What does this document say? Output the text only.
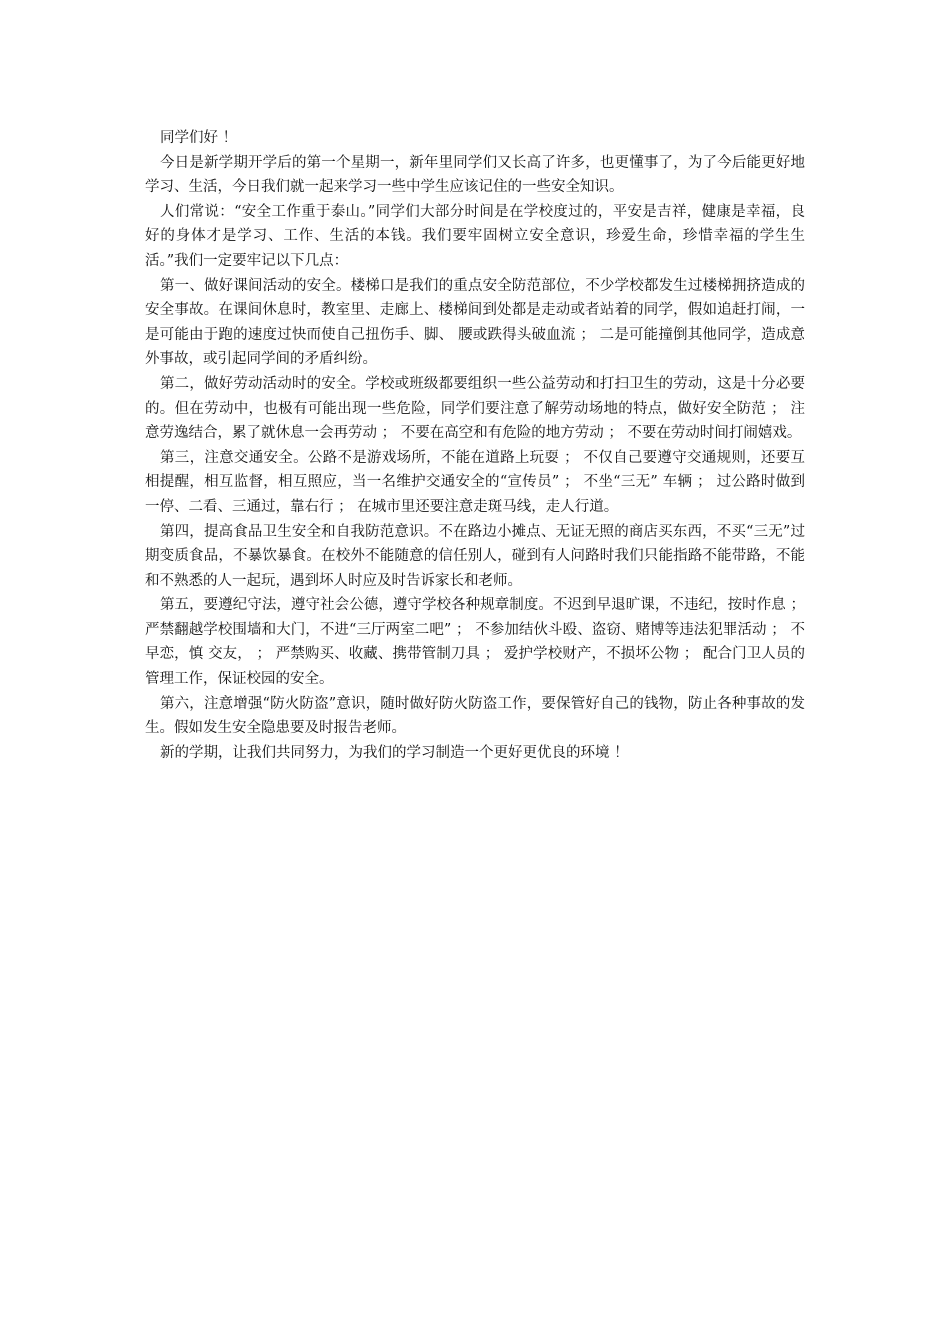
同学们好 ！

今日是新学期开学后的第一个星期一，新年里同学们又长高了许多，也更懂事了，为了今后能更好地学习、生活，今日我们就一起来学习一些中学生应该记住的一些安全知识。

人们常说：“安全工作重于泰山。”同学们大部分时间是在学校度过的，平安是吉祥，健康是幸福，良好的身体才是学习、工作、生活的本钱。我们要牢固树立安全意识，珍爱生命，珍惜幸福的学生生活。”我们一定要牢记以下几点：

第一、做好课间活动的安全。楼梯口是我们的重点安全防范部位，不少学校都发生过楼梯拥挤造成的安全事故。在课间休息时，教室里、走廊上、楼梯间到处都是走动或者站着的同学，假如追赶打闹，一是可能由于跑的速度过快而使自己扭伤手、脚、 腰或跌得头破血流 ； 二是可能撞倒其他同学，造成意外事故，或引起同学间的矛盾纠纷。

第二，做好劳动活动时的安全。学校或班级都要组织一些公益劳动和打扫卫生的劳动，这是十分必要的。但在劳动中，也极有可能出现一些危险，同学们要注意了解劳动场地的特点，做好安全防范 ； 注意劳逸结合，累了就休息一会再劳动 ； 不要在高空和有危险的地方劳动 ； 不要在劳动时间打闹嬉戏。

第三，注意交通安全。公路不是游戏场所，不能在道路上玩耍 ； 不仅自己要遵守交通规则，还要互相提醒，相互监督，相互照应，当一名维护交通安全的“宣传员” ； 不坐“三无” 车辆 ； 过公路时做到一停、二看、三通过，靠右行 ； 在城市里还要注意走斑马线，走人行道。

第四，提高食品卫生安全和自我防范意识。不在路边小摊点、无证无照的商店买东西，不买“三无”过期变质食品，不暴饮暴食。在校外不能随意的信任别人，碰到有人问路时我们只能指路不能带路，不能和不熟悉的人一起玩，遇到坏人时应及时告诉家长和老师。

第五，要遵纪守法，遵守社会公德，遵守学校各种规章制度。不迟到早退旷课，不违纪，按时作息 ； 严禁翻越学校围墙和大门，不进“三厅两室二吧” ； 不参加结伙斗殴、盗窃、赌博等违法犯罪活动 ； 不早恋，慎 交友， ； 严禁购买、收藏、携带管制刀具 ； 爱护学校财产，不损坏公物 ； 配合门卫人员的管理工作，保证校园的安全。

第六，注意增强“防火防盗”意识，随时做好防火防盗工作，要保管好自己的钱物，防止各种事故的发生。假如发生安全隐患要及时报告老师。

新的学期，让我们共同努力，为我们的学习制造一个更好更优良的环境 ！
